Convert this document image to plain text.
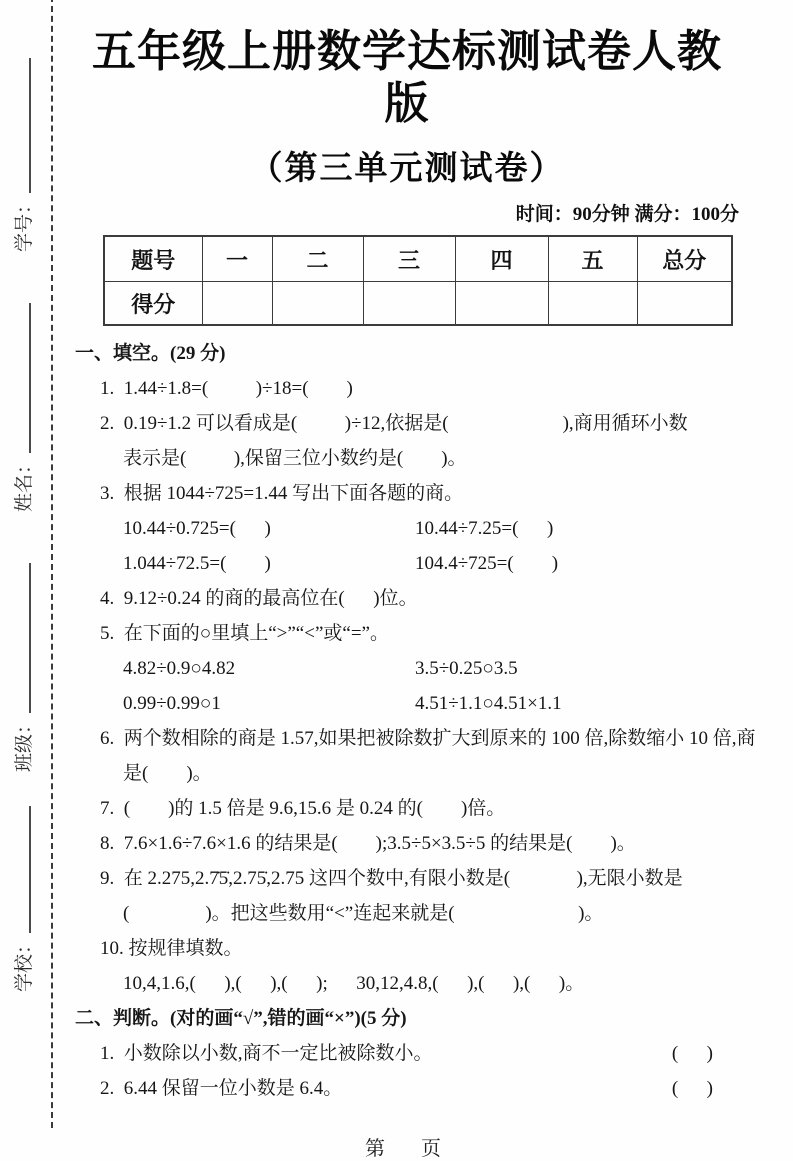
学号：
姓名：
班级：
学校：
五年级上册数学达标测试卷人教版
（第三单元测试卷）
时间：90分钟 满分：100分
题号	一	二	三	四	五	总分
得分						
一、填空。(29 分)
1.  1.44÷1.8=(          )÷18=(        )
2.  0.19÷1.2 可以看成是(          )÷12,依据是(                        ),商用循环小数
表示是(          ),保留三位小数约是(        )。
3.  根据 1044÷725=1.44 写出下面各题的商。
10.44÷0.725=(      )	10.44÷7.25=(      )
1.044÷72.5=(        )	104.4÷725=(        )
4.  9.12÷0.24 的商的最高位在(      )位。
5.  在下面的○里填上“>”“<”或“=”。
4.82÷0.9○4.82	3.5÷0.25○3.5
0.99÷0.99○1	4.51÷1.1○4.51×1.1
6.  两个数相除的商是 1.57,如果把被除数扩大到原来的 100 倍,除数缩小 10 倍,商
是(        )。
7.  (        )的 1.5 倍是 9.6,15.6 是 0.24 的(        )倍。
8.  7.6×1.6÷7.6×1.6 的结果是(        );3.5÷5×3.5÷5 的结果是(        )。
9.  在 2.275,2.7̇5̇,2.75̇,2.75 这四个数中,有限小数是(              ),无限小数是
(                )。把这些数用“<”连起来就是(                          )。
10. 按规律填数。
10,4,1.6,(      ),(      ),(      );      30,12,4.8,(      ),(      ),(      )。
二、判断。(对的画“√”,错的画“×”)(5 分)
1.  小数除以小数,商不一定比被除数小。	(      )
2.  6.44 保留一位小数是 6.4。	(      )
第　页
